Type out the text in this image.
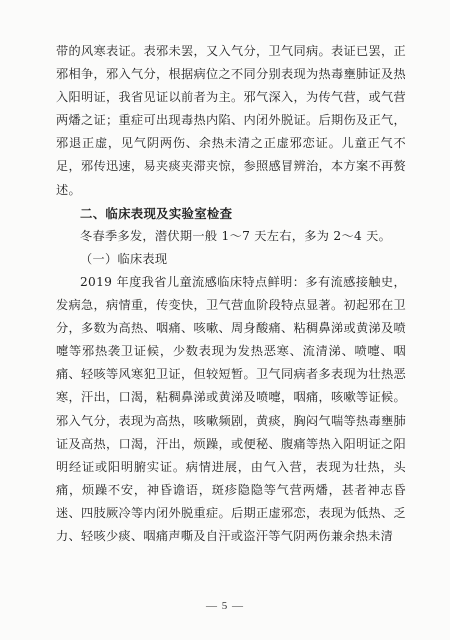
带的风寒表证。表邪未罢，又入气分，卫气同病。表证已罢，正邪相争，邪入气分，根据病位之不同分别表现为热毒壅肺证及热入阳明证，我省见证以前者为主。邪气深入，为传气营，或气营两燔之证；重症可出现毒热内陷、内闭外脱证。后期伤及正气，邪退正虚，见气阴两伤、余热未清之正虚邪恋证。儿童正气不足，邪传迅速，易夹痰夹滞夹惊，参照感冒辨治，本方案不再赘述。

二、临床表现及实验室检查

冬春季多发，潜伏期一般 1～7 天左右，多为 2～4 天。

（一）临床表现

2019 年度我省儿童流感临床特点鲜明：多有流感接触史，发病急，病情重，传变快，卫气营血阶段特点显著。初起邪在卫分，多数为高热、咽痛、咳嗽、周身酸痛、粘稠鼻涕或黄涕及喷嚏等邪热袭卫证候，少数表现为发热恶寒、流清涕、喷嚏、咽痛、轻咳等风寒犯卫证，但较短暂。卫气同病者多表现为壮热恶寒，汗出，口渴，粘稠鼻涕或黄涕及喷嚏，咽痛，咳嗽等证候。邪入气分，表现为高热，咳嗽频剧，黄痰，胸闷气喘等热毒壅肺证及高热，口渴，汗出，烦躁，或便秘、腹痛等热入阳明证之阳明经证或阳明腑实证。病情进展，由气入营，表现为壮热，头痛，烦躁不安，神昏谵语，斑疹隐隐等气营两燔，甚者神志昏迷、四肢厥冷等内闭外脱重症。后期正虚邪恋，表现为低热、乏力、轻咳少痰、咽痛声嘶及自汗或盗汗等气阴两伤兼余热未清

— 5 —
